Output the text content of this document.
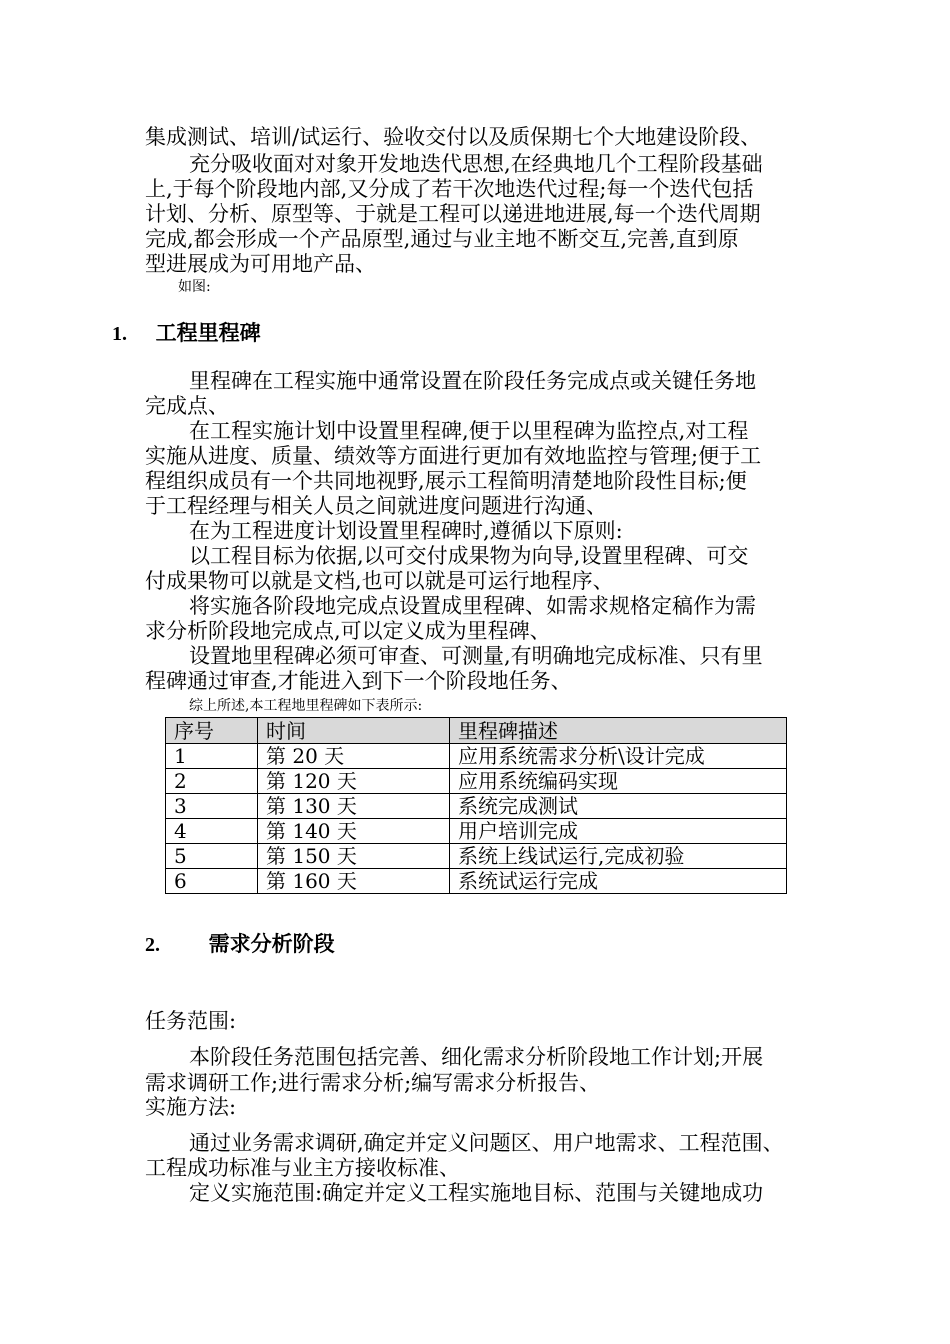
集成测试、培训/试运行、验收交付以及质保期七个大地建设阶段、
充分吸收面对对象开发地迭代思想,在经典地几个工程阶段基础
上,于每个阶段地内部,又分成了若干次地迭代过程;每一个迭代包括
计划、分析、原型等、于就是工程可以递进地进展,每一个迭代周期
完成,都会形成一个产品原型,通过与业主地不断交互,完善,直到原
型进展成为可用地产品、
如图:
1. 工程里程碑
里程碑在工程实施中通常设置在阶段任务完成点或关键任务地
完成点、
在工程实施计划中设置里程碑,便于以里程碑为监控点,对工程
实施从进度、质量、绩效等方面进行更加有效地监控与管理;便于工
程组织成员有一个共同地视野,展示工程简明清楚地阶段性目标;便
于工程经理与相关人员之间就进度问题进行沟通、
在为工程进度计划设置里程碑时,遵循以下原则:
以工程目标为依据,以可交付成果物为向导,设置里程碑、可交
付成果物可以就是文档,也可以就是可运行地程序、
将实施各阶段地完成点设置成里程碑、如需求规格定稿作为需
求分析阶段地完成点,可以定义成为里程碑、
设置地里程碑必须可审查、可测量,有明确地完成标准、只有里
程碑通过审查,才能进入到下一个阶段地任务、
综上所述,本工程地里程碑如下表所示:
序号	时间	里程碑描述
1	第 20 天	应用系统需求分析\设计完成
2	第 120 天	应用系统编码实现
3	第 130 天	系统完成测试
4	第 140 天	用户培训完成
5	第 150 天	系统上线试运行,完成初验
6	第 160 天	系统试运行完成
2. 需求分析阶段
任务范围:
本阶段任务范围包括完善、细化需求分析阶段地工作计划;开展
需求调研工作;进行需求分析;编写需求分析报告、
实施方法:
通过业务需求调研,确定并定义问题区、用户地需求、工程范围、
工程成功标准与业主方接收标准、
定义实施范围:确定并定义工程实施地目标、范围与关键地成功
